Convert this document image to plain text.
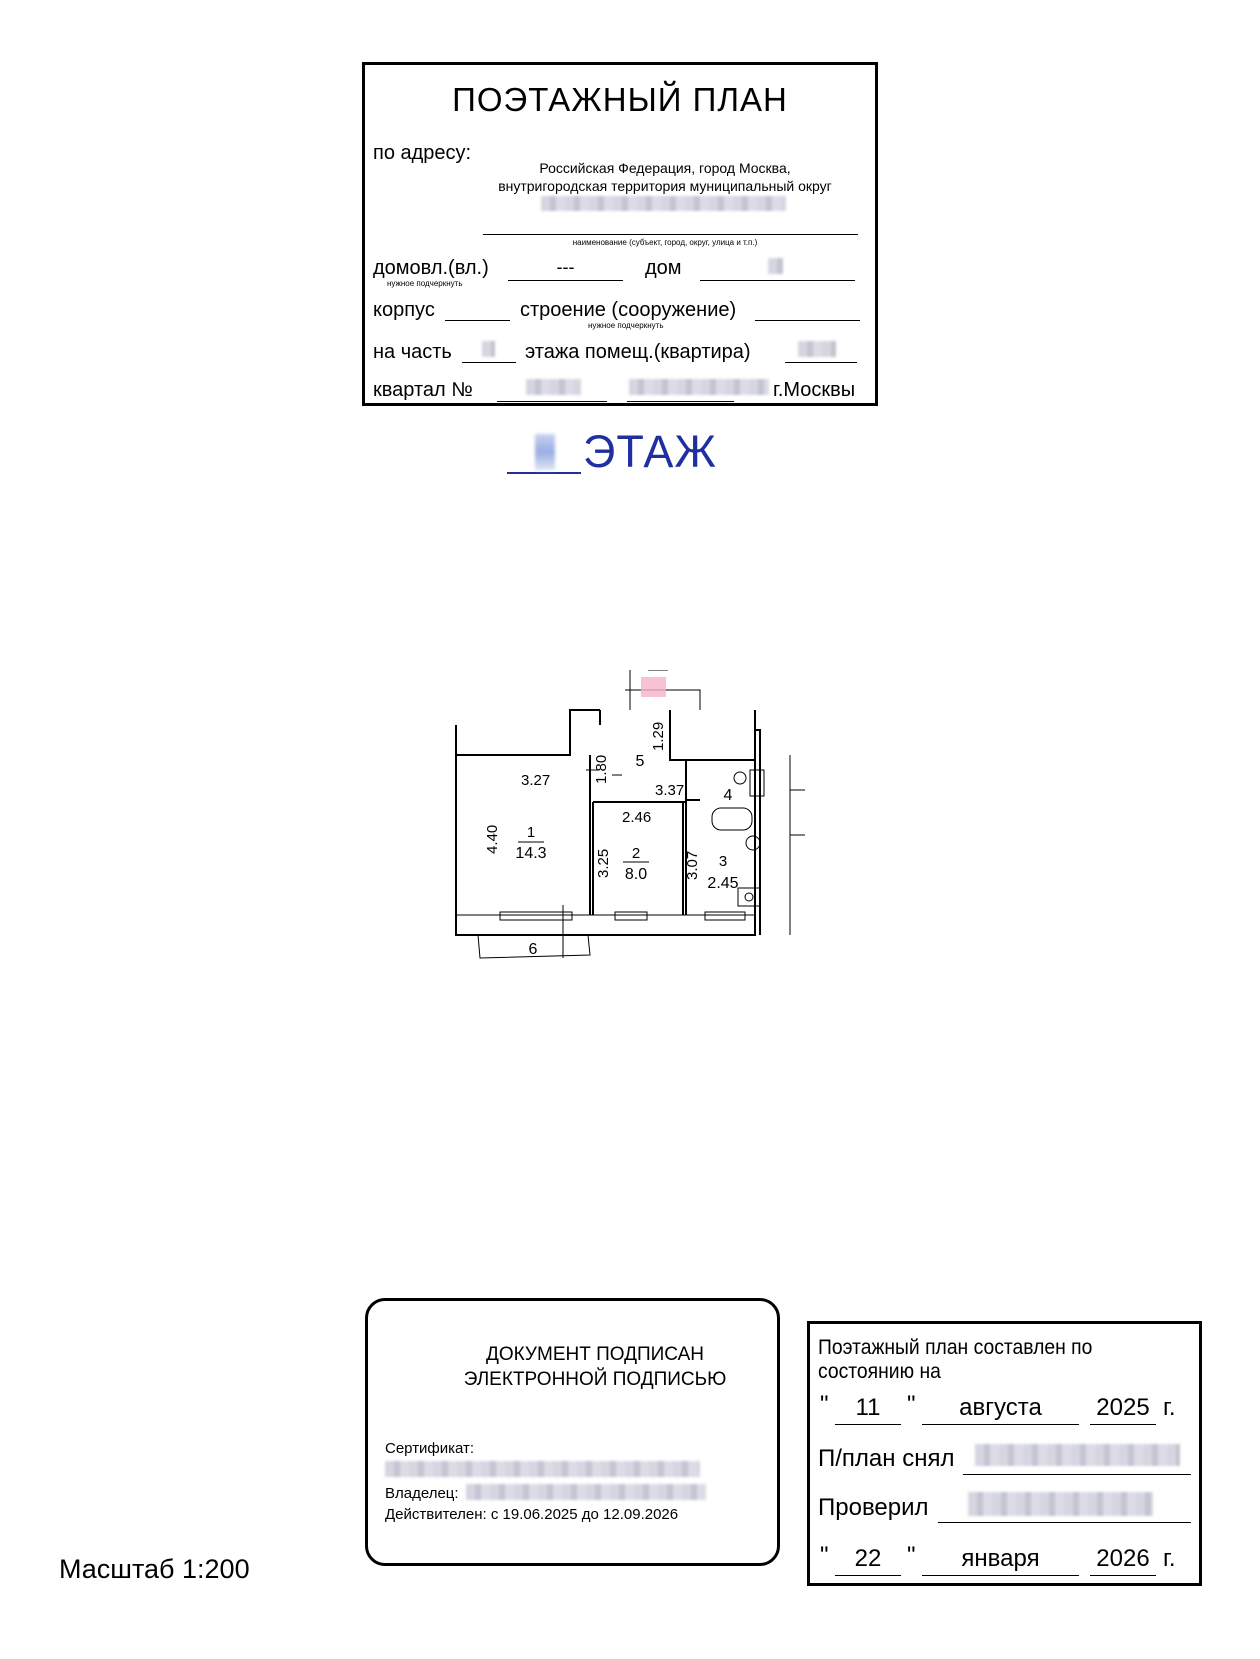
ПОЭТАЖНЫЙ ПЛАН
по адресу:
Российская Федерация, город Москва,
внутригородская территория муниципальный округ
наименование (субъект, город, округ, улица и т.п.)
домовл.(вл.)
нужное подчеркнуть
---	дом
корпус	строение (сооружение)
нужное подчеркнуть
на часть	этажа помещ.(квартира)
квартал №	г.Москвы
ЭТАЖ
3.27	1.80
1.29
3.37
2.46
4.40
3.25	3.07
1
14.3	2
8.0
3
2.45
4
5
6
ДОКУМЕНТ ПОДПИСАН
ЭЛЕКТРОННОЙ ПОДПИСЬЮ
Сертификат:
Владелец:
Действителен: с 19.06.2025 до 12.09.2026
Поэтажный план составлен по состоянию на
"	11	"	августа	2025 г.
П/план снял
Проверил
"	22	"	января	2026 г.
Масштаб 1:200
